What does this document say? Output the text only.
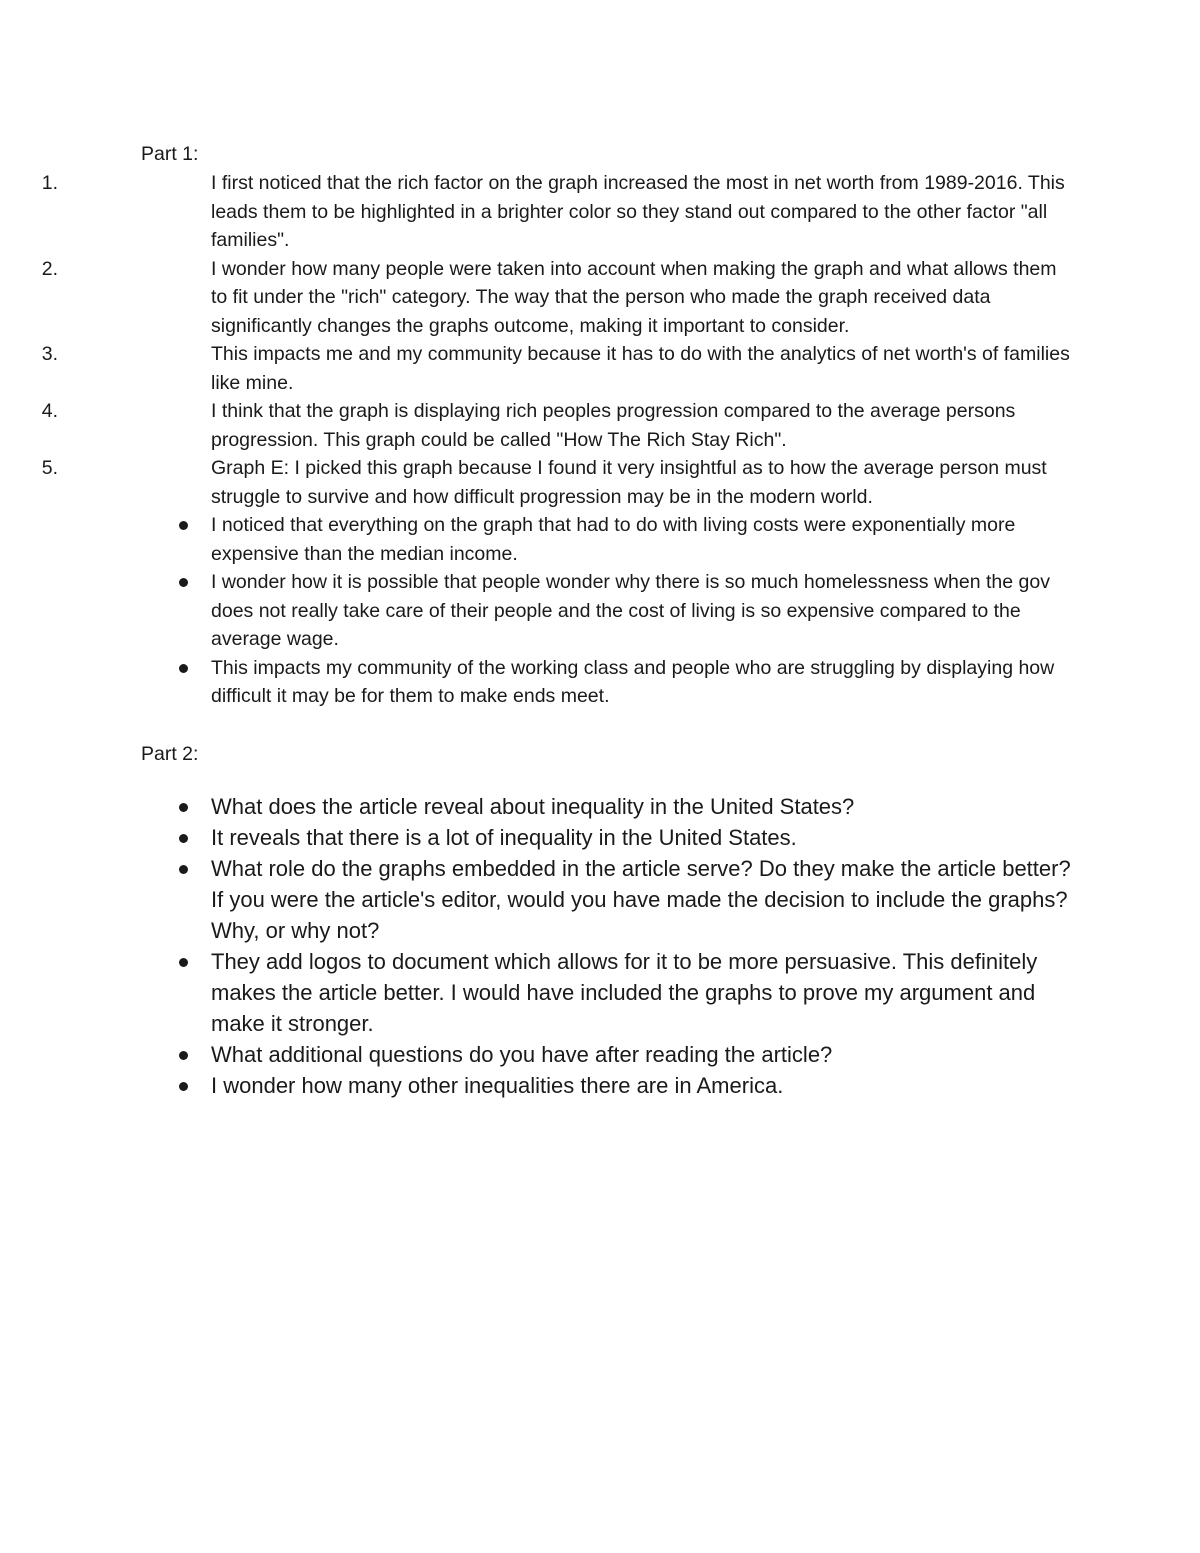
Part 1:
1.	I first noticed that the rich factor on the graph increased the most in net worth from 1989-2016. This leads them to be highlighted in a brighter color so they stand out compared to the other factor "all families".
2.	I wonder how many people were taken into account when making the graph and what allows them to fit under the "rich" category. The way that the person who made the graph received data significantly changes the graphs outcome, making it important to consider.
3.	This impacts me and my community because it has to do with the analytics of net worth's of families like mine.
4.	I think that the graph is displaying rich peoples progression compared to the average persons progression. This graph could be called "How The Rich Stay Rich".
5.	Graph E: I picked this graph because I found it very insightful as to how the average person must struggle to survive and how difficult progression may be in the modern world.
I noticed that everything on the graph that had to do with living costs were exponentially more expensive than the median income.
I wonder how it is possible that people wonder why there is so much homelessness when the gov does not really take care of their people and the cost of living is so expensive compared to the average wage.
This impacts my community of the working class and people who are struggling by displaying how difficult it may be for them to make ends meet.
Part 2:
What does the article reveal about inequality in the United States?
It reveals that there is a lot of inequality in the United States.
What role do the graphs embedded in the article serve? Do they make the article better? If you were the article's editor, would you have made the decision to include the graphs? Why, or why not?
They add logos to document which allows for it to be more persuasive. This definitely makes the article better. I would have included the graphs to prove my argument and make it stronger.
What additional questions do you have after reading the article?
I wonder how many other inequalities there are in America.
